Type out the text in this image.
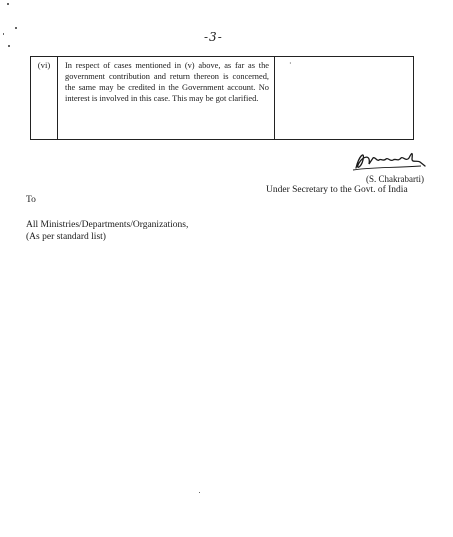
-3-
(vi)	In respect of cases mentioned in (v) above, as far as the government contribution and return thereon is concerned, the same may be credited in the Government account. No interest is involved in this case. This may be got clarified.
·
(S. Chakrabarti)
Under Secretary to the Govt. of India
To
All Ministries/Departments/Organizations,
(As per standard list)
